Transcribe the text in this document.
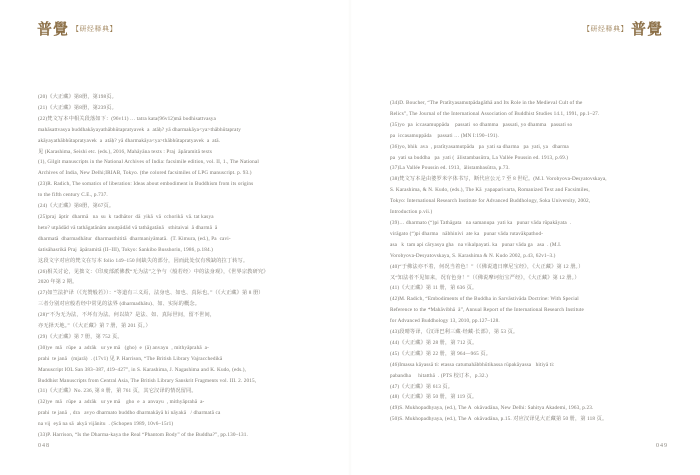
普覺 【研经释典】	【研经释典】 普覺
(20)《大正藏》第8册，第198页。
(21)《大正藏》第8册，第239页。
(22)梵文写本中相关段落如下：(96v11) … tatra kata(96v12)mā bodhisattvasya
mahāsattvasya buddhakāyayathābhūtapratyavek  a  atāḥ? yā dharmakāya<ya>thābhūtapraty
akāyayathābhūtapratyavek  a  atāḥ? yā dharmakāya<ya>thābhūtapratyavek  a  atā.
见 (Karashima, Seishi etc. (eds.), 2016, Mahāyāna texts : Praj  āpāramitā texts
(1), Gilgit manuscripts in the National Archives of India: facsimile edition, vol. II, 1., The National
Archives of India, New Delhi;IRIAB, Tokyo. (the colored facsimiles of LPG manuscript. p. 93.)
(23)R. Radich, The somatics of liberation: Ideas about embodiment in Buddhism from its origins
to the fifth century C.E., p.737.
(24)《大正藏》第8册，第67页。
(25)praj  āptir  dharmā   na  su  k  tadhātor  dā  yikā  vā  cchorikā  vā. tat kasya
heto? utpādād vā tathāgatānām anutpādād vā tathāgatānā   sthitaivai  ā dharmā  ā
dharmatā  dharmadhātur  dharmasthititā  dharmaniyāmatā.  (T. Kimura, (ed.), Pa  cavi-
śatisāhasrikā Praj  āpāramitā (II–III), Tokyo: Sankibo Busshorin, 1986, p.184.)
这段文字对应的梵文在写本 folio 149–150 间缺失的部分，因而此处仅有残缺的拉丁转写。
(26)相关讨论，见拙文：《印度部派佛教“无为法”之争与〈般若经〉中的法身观》，《世界宗教研究》
2020 年第 2 期。
(27)如竺法护译（《光赞般若》）：“等道有三义焉，法身也、如也、真际也。”（《大正藏》第 8 册）
三者分别对应般若经中常见的法界 (dharmadhātu)、如、实际的概念。
(28)“不为无为法，不坏有为法。何以故？是法、如、真际世间，留不世间，
亦无择天地。”（《大正藏》第 7 册，第 201 页。）
(29)《大正藏》第 7 册，第 752 页。
(30)ye  mā   rūpe  a  adrāk   ur ye mā   (gho)  e  (ā) anvayu  , mithyāprahā  a-
prahi  te janā   (mjarā)  . (17v1) 见 P. Harrison, “The British Library Vajracchedikā
Manuscript IOL San 383–387, 419–427”, in S. Karashima, J. Nagashima and K. Kudo, (eds.),
Buddhist Manuscripts from Central Asia, The British Library Sanskrit Fragments vol. III. 2. 2015,
(31)《大正藏》No. 236, 第 8 册，第 761 页，其它汉译的情况留同。
(32)ye  mā   rūpe  a  adrāk   ur ye mā    gho  e  a  anvayu  , mithyāprahā  a-
prahi  te janā  , dra   avyo dharmato buddho dharmakāyā hi nāyakā   / dharmatā ca
na vij  eyā na sā  akyā vijānitu  . (Schopen 1989, 10v6–15r1)
(33)P. Harrison, “Is the Dharma-kaya the Real “Phantom Body” of the Buddha?”, pp.130–131.
(34)D. Boucher, “The Pratītyasamutpādagāthā and Its Role in the Medieval Cult of the
Relics”, The Journal of the International Association of Buddhist Studies 14.1, 1991, pp.1–27.
(35)yo  pa  iccasamuppāda    passati  so dhamma   passati, yo dhamma   passati so
pa  iccasamuppāda    passati … (MN I:190–191).
(36)yo, bhik  ava  , pratītyasamutpāda   pa  yati sa dharma   pa  yati, ya   dharma
pa  yati sa buddha   pa  yati (  ālistambasūtra, La Vallée Poussin ed. 1913, p.69.)
(37)La Vallée Poussin ed. 1913,  ālistambasūtra, p.73.
(38)梵文写本是由婆罗米字体书写，断代应公元 7 至 8 世纪。(M.I. Vorobyova-Desyatovskaya,
S. Karashima, & N. Kudo, (eds.), The Kā  yapaparivarta, Romanized Text and Facsimiles,
Tokyo: International Research Institute for Advanced Buddhology, Soka University, 2002,
Introduction p.vii.)
(39)… dharmato (“)pi Tathāgata   na samanupa  yati ka   punar vāda rūpakāyata  .
virāgato (“)pi dharma   nābhinivi  ate ka   punar vāda rutavākpathod-
asa   k  tam api cāryasya gha   na vikalpayati. ka   punar vāda ga   asa  . (M.I.
Vorobyova-Desyatovskaya, S. Karashima & N. Kudo 2002, p.43, 62v1–3.)
(40)“于佛法亦不着，何况当着色！”（《佛说遗日摩尼宝经》，《大正藏》第 12 册。）
又“知法者不见如来，况有色身！”（《佛说摩诃衍宝严经》，《大正藏》第 12 册。）
(41)《大正藏》第 11 册，第 636 页。
(42)M. Radich, “Embodiments of the Buddha in Sarvāstivāda Doctrine: With Special
Reference to the *Mahāvibhā  ā”, Annual Report of the International Research Institute
for Advanced Buddhology 13, 2010, pp.127–128.
(43)段晴等译，《汉译巴利三藏·经藏·长部》，第 53 页。
(44)《大正藏》第 28 册，第 712 页。
(45)《大正藏》第 22 册，第 964—965 页。
(46)Imassa kāyassā ti: etassa catumahābbhūtikassa rūpakāyassa   hitiyā ti:
pabandha     hitatthā  . (PTS 校订本，p.32.)
(47)《大正藏》第 613 页。
(48)《大正藏》第 50 册，第 119 页。
(49)S. Mukhopadhyaya, (ed.), The A  okāvadāna, New Delhi: Sahitya Akademi, 1963, p.23.
(50)S. Mukhopadhyaya, (ed.), The A  okāvadāna, p.15. 对应汉译见大正藏第 50 册，第 118 页。
048	049
